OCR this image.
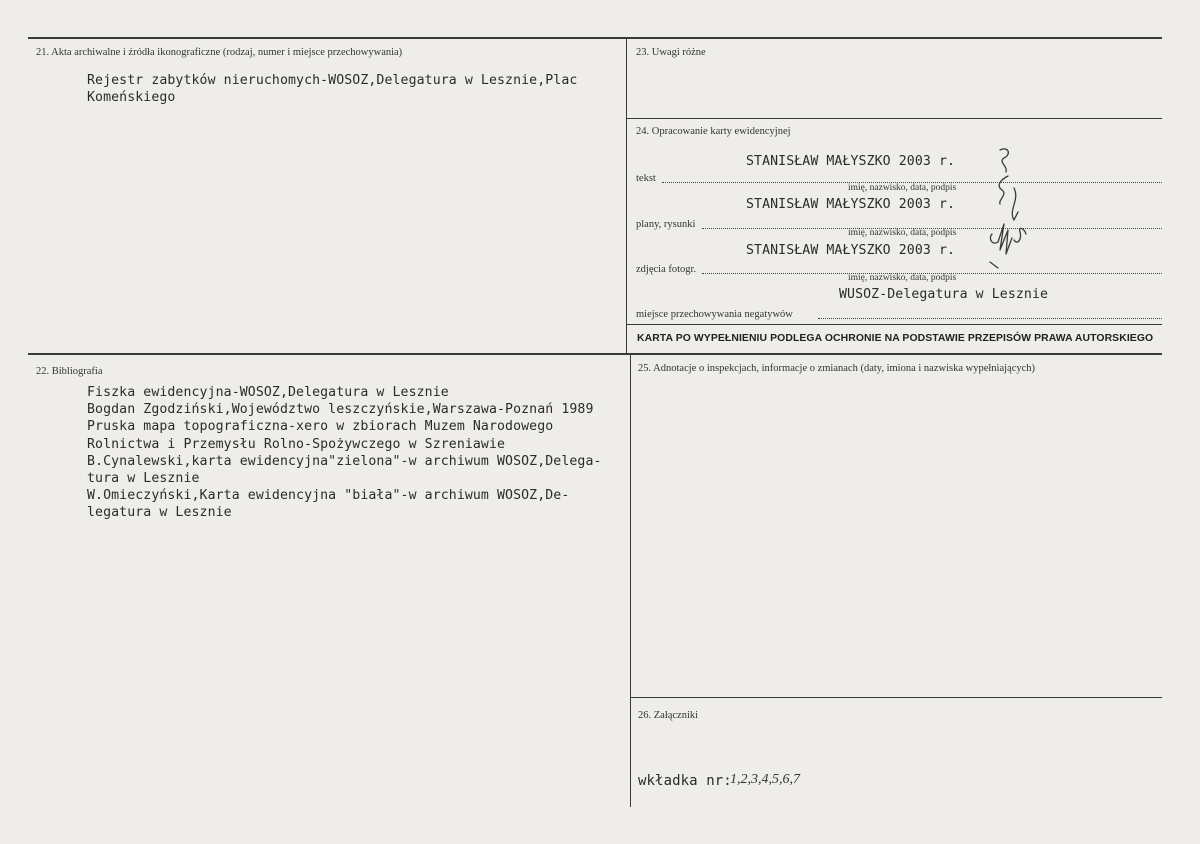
21. Akta archiwalne i źródła ikonograficzne (rodzaj, numer i miejsce przechowywania)
Rejestr zabytków nieruchomych-WOSOZ,Delegatura w Lesznie,Plac
Komeńskiego
23. Uwagi różne
24. Opracowanie karty ewidencyjnej
STANISŁAW MAŁYSZKO 2003 r.
tekst
imię, nazwisko, data, podpis
STANISŁAW MAŁYSZKO 2003 r.
plany, rysunki
imię, nazwisko, data, podpis
STANISŁAW MAŁYSZKO 2003 r.
zdjęcia fotogr.
imię, nazwisko, data, podpis
WUSOZ-Delegatura w Lesznie
miejsce przechowywania negatywów
KARTA PO WYPEŁNIENIU PODLEGA OCHRONIE NA PODSTAWIE PRZEPISÓW PRAWA AUTORSKIEGO
22. Bibliografia
Fiszka ewidencyjna-WOSOZ,Delegatura w Lesznie
Bogdan Zgodziński,Województwo leszczyńskie,Warszawa-Poznań 1989
Pruska mapa topograficzna-xero w zbiorach Muzem Narodowego
Rolnictwa i Przemysłu Rolno-Spożywczego w Szreniawie
B.Cynalewski,karta ewidencyjna"zielona"-w archiwum WOSOZ,Delega-
tura w Lesznie
W.Omieczyński,Karta ewidencyjna "biała"-w archiwum WOSOZ,De-
legatura w Lesznie
25. Adnotacje o inspekcjach, informacje o zmianach (daty, imiona i nazwiska wypełniających)
26. Załączniki
wkładka nr:
1,2,3,4,5,6,7
